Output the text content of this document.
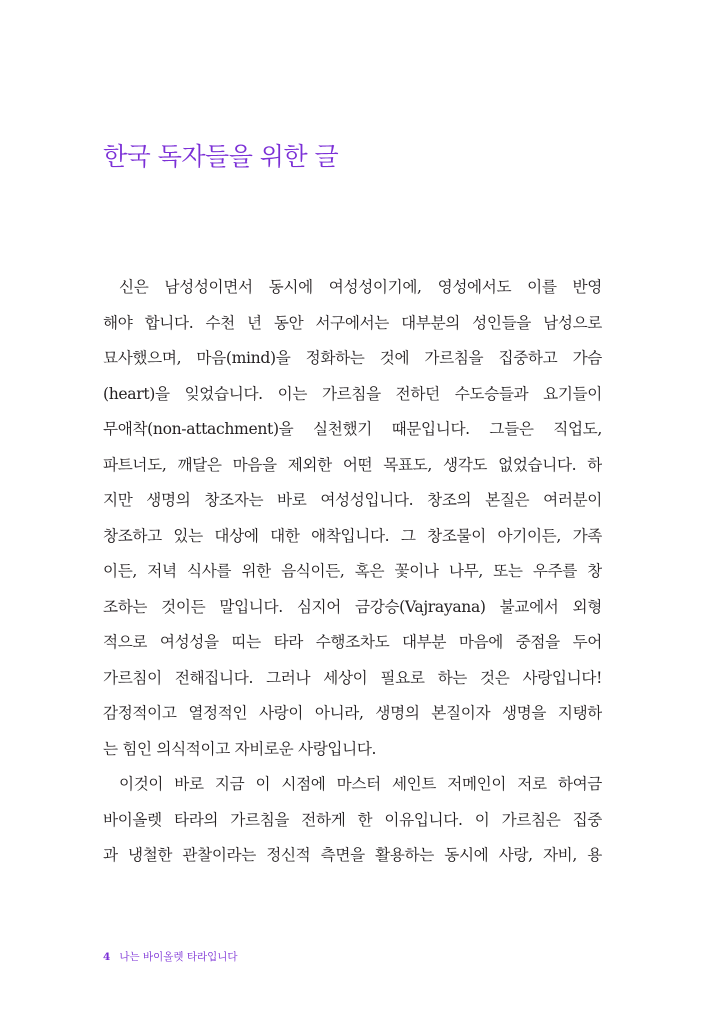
한국 독자들을 위한 글
신은 남성성이면서 동시에 여성성이기에, 영성에서도 이를 반영
해야 합니다. 수천 년 동안 서구에서는 대부분의 성인들을 남성으로
묘사했으며, 마음(mind)을 정화하는 것에 가르침을 집중하고 가슴
(heart)을 잊었습니다. 이는 가르침을 전하던 수도승들과 요기들이
무애착(non-attachment)을 실천했기 때문입니다. 그들은 직업도,
파트너도, 깨달은 마음을 제외한 어떤 목표도, 생각도 없었습니다. 하
지만 생명의 창조자는 바로 여성성입니다. 창조의 본질은 여러분이
창조하고 있는 대상에 대한 애착입니다. 그 창조물이 아기이든, 가족
이든, 저녁 식사를 위한 음식이든, 혹은 꽃이나 나무, 또는 우주를 창
조하는 것이든 말입니다. 심지어 금강승(Vajrayana) 불교에서 외형
적으로 여성성을 띠는 타라 수행조차도 대부분 마음에 중점을 두어
가르침이 전해집니다. 그러나 세상이 필요로 하는 것은 사랑입니다!
감정적이고 열정적인 사랑이 아니라, 생명의 본질이자 생명을 지탱하
는 힘인 의식적이고 자비로운 사랑입니다.
이것이 바로 지금 이 시점에 마스터 세인트 저메인이 저로 하여금
바이올렛 타라의 가르침을 전하게 한 이유입니다. 이 가르침은 집중
과 냉철한 관찰이라는 정신적 측면을 활용하는 동시에 사랑, 자비, 용
4 나는 바이올렛 타라입니다
